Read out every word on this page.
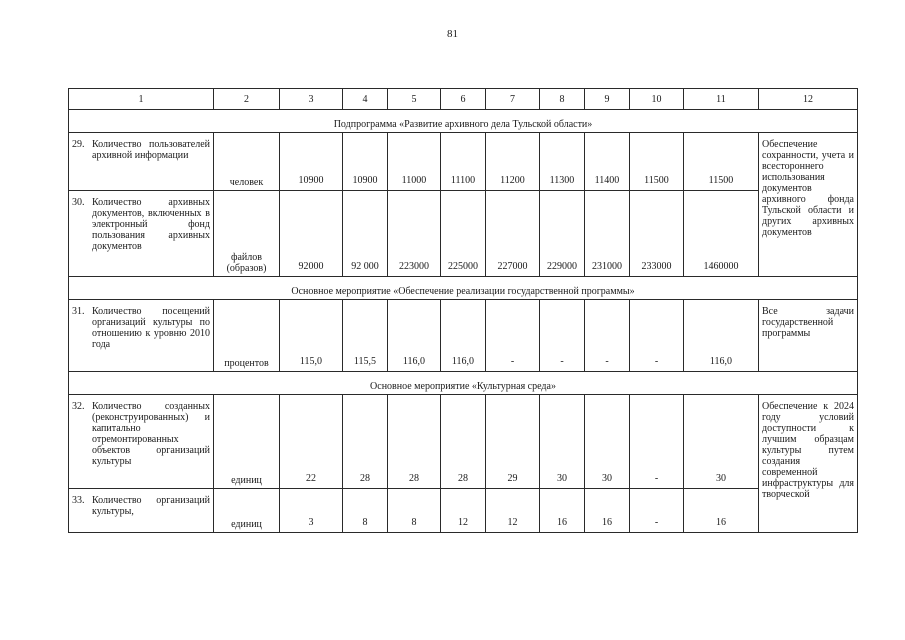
81
1	2	3	4	5	6	7	8	9	10	11	12
Подпрограмма «Развитие архивного дела Тульской области»											

29. Количество пользователей архивной информации	человек	10900	10900	11000	11100	11200	11300	11400	11500	11500	Обеспечение сохранности, учета и всестороннего использования документов архивного фонда Тульской области и других архивных документов

30. Количество архивных документов, включенных в электронный фонд пользования архивных документов	файлов (образов)	92000	92 000	223000	225000	227000	229000	231000	233000	1460000	
Основное мероприятие «Обеспечение реализации государственной программы»											

31. Количество посещений организаций культуры по отношению к уровню 2010 года	процентов	115,0	115,5	116,0	116,0	-	-	-	-	116,0	Все задачи государственной программы
Основное мероприятие «Культурная среда»											

32. Количество созданных (реконструированных) и капитально отремонтированных объектов организаций культуры	единиц	22	28	28	28	29	30	30	-	30	Обеспечение к 2024 году условий доступности к лучшим образцам культуры путем создания современной инфраструктуры для творческой

33. Количество организаций культуры,	единиц	3	8	8	12	12	16	16	-	16	
